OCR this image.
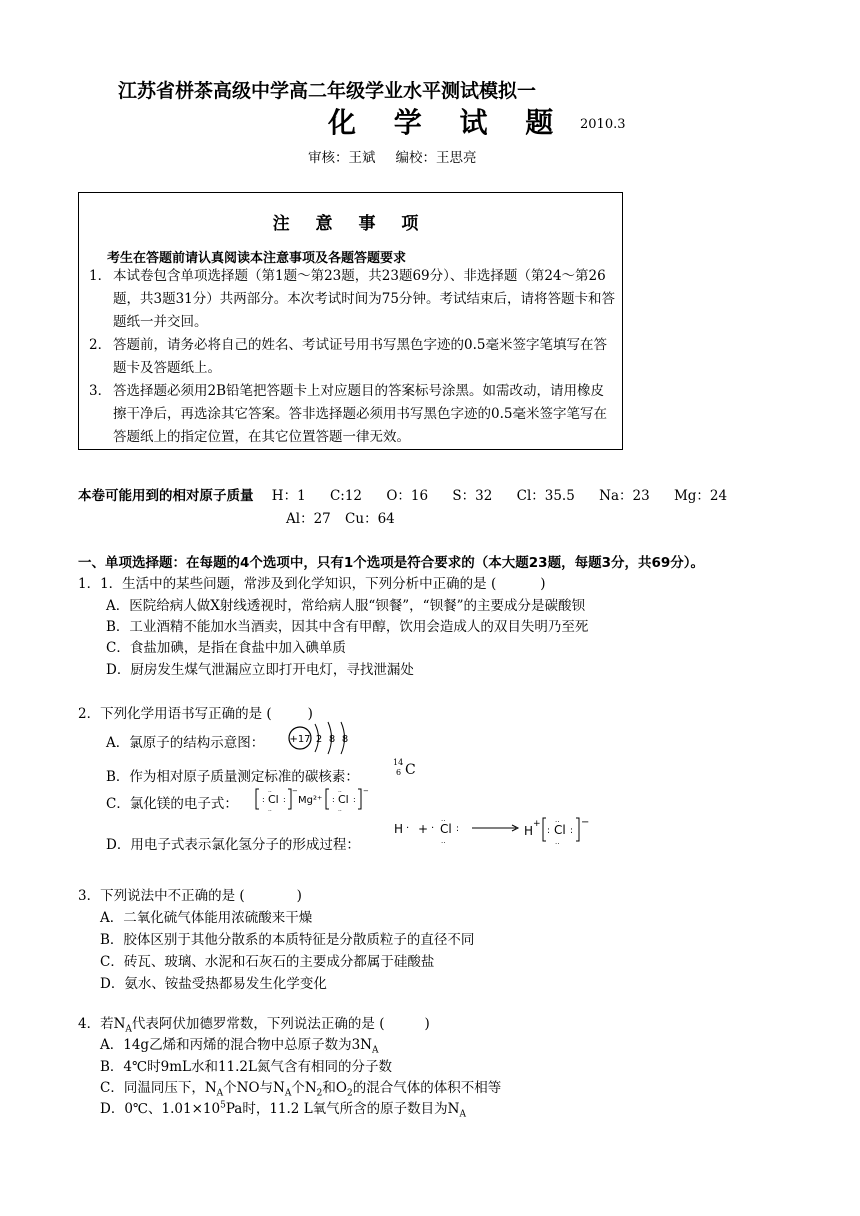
江苏省栟茶高级中学高二年级学业水平测试模拟一
化 学 试 题 2010.3
审核：王斌 编校：王思亮
注 意 事 项
考生在答题前请认真阅读本注意事项及各题答题要求
1． 本试卷包含单项选择题（第1题～第23题，共23题69分）、非选择题（第24～第26题，共3题31分）共两部分。本次考试时间为75分钟。考试结束后，请将答题卡和答题纸一并交回。
2． 答题前，请务必将自己的姓名、考试证号用书写黑色字迹的0.5毫米签字笔填写在答题卡及答题纸上。
3． 答选择题必须用2B铅笔把答题卡上对应题目的答案标号涂黑。如需改动，请用橡皮擦干净后，再选涂其它答案。答非选择题必须用书写黑色字迹的0.5毫米签字笔写在答题纸上的指定位置，在其它位置答题一律无效。
本卷可能用到的相对原子质量 H：1 C:12 O：16 S：32 Cl：35.5 Na：23 Mg：24
Al：27 Cu：64
一、单项选择题：在每题的4个选项中，只有1个选项是符合要求的（本大题23题，每题3分，共69分）。
1．1．生活中的某些问题，常涉及到化学知识，下列分析中正确的是 (	)
A．医院给病人做X射线透视时，常给病人服“钡餐”，“钡餐”的主要成分是碳酸钡
B．工业酒精不能加水当酒卖，因其中含有甲醇，饮用会造成人的双目失明乃至死
C．食盐加碘，是指在食盐中加入碘单质
D．厨房发生煤气泄漏应立即打开电灯，寻找泄漏处
2．下列化学用语书写正确的是 (	)
A．氯原子的结构示意图：	+17 2 8 8
B．作为相对原子质量测定标准的碳核素：
14
6 C
C．氯化镁的电子式：	: Cl :
..
..
−
Mg²⁺ : Cl :
..
..
−
D．用电子式表示氯化氢分子的形成过程：
H · + · Cl :
..
..
H +
: Cl :
..
..
−
3．下列说法中不正确的是 (	)
A．二氧化硫气体能用浓硫酸来干燥
B．胶体区别于其他分散系的本质特征是分散质粒子的直径不同
C．砖瓦、玻璃、水泥和石灰石的主要成分都属于硅酸盐
D．氨水、铵盐受热都易发生化学变化
4．若$N_A$代表阿伏加德罗常数，下列说法正确的是 (	)
A．14g乙烯和丙烯的混合物中总原子数为$3N_A$
B．4℃时9mL水和11.2L氮气含有相同的分子数
C．同温同压下，$N_A$个NO与$N_A$个$N_2$和$O_2$的混合气体的体积不相等
D．0℃、$1.01\times 10^5Pa$时，11.2 L氧气所含的原子数目为$N_A$
